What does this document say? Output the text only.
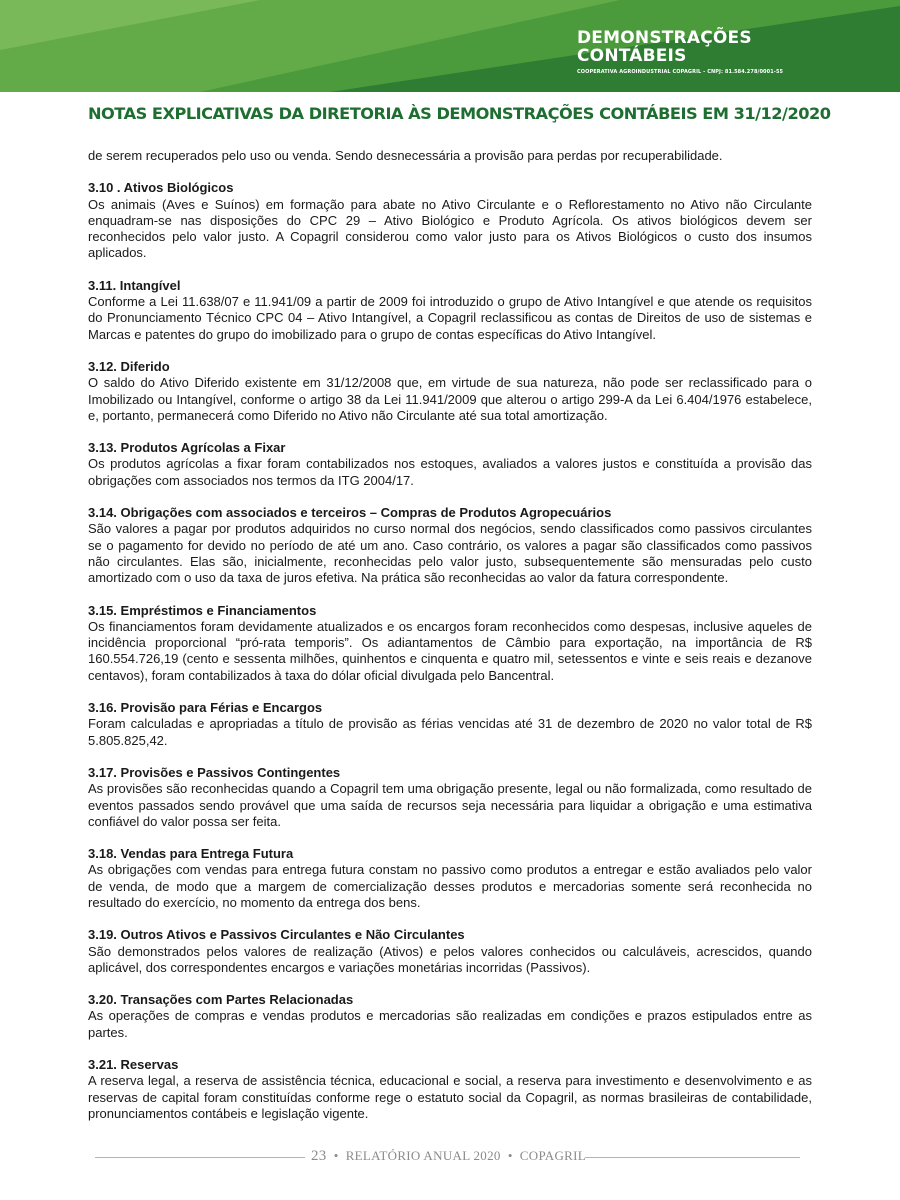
DEMONSTRAÇÕES
CONTÁBEIS
COOPERATIVA AGROINDUSTRIAL COPAGRIL - CNPJ: 81.584.278/0001-55
NOTAS EXPLICATIVAS DA DIRETORIA ÀS DEMONSTRAÇÕES CONTÁBEIS EM 31/12/2020

de serem recuperados pelo uso ou venda. Sendo desnecessária a provisão para perdas por recuperabilidade.

3.10 . Ativos Biológicos

Os animais (Aves e Suínos) em formação para abate no Ativo Circulante e o Reflorestamento no Ativo não Circulante enquadram-se nas disposições do CPC 29 – Ativo Biológico e Produto Agrícola. Os ativos biológicos devem ser reconhecidos pelo valor justo. A Copagril considerou como valor justo para os Ativos Biológicos o custo dos insumos aplicados.

3.11. Intangível

Conforme a Lei 11.638/07 e 11.941/09 a partir de 2009 foi introduzido o grupo de Ativo Intangível e que atende os requisitos do Pronunciamento Técnico CPC 04 – Ativo Intangível, a Copagril reclassificou as contas de Direitos de uso de sistemas e Marcas e patentes do grupo do imobilizado para o grupo de contas específicas do Ativo Intangível.

3.12. Diferido

O saldo do Ativo Diferido existente em 31/12/2008 que, em virtude de sua natureza, não pode ser reclassificado para o Imobilizado ou Intangível, conforme o artigo 38 da Lei 11.941/2009 que alterou o artigo 299-A da Lei 6.404/1976 estabelece, e, portanto, permanecerá como Diferido no Ativo não Circulante até sua total amortização.

3.13. Produtos Agrícolas a Fixar

Os produtos agrícolas a fixar foram contabilizados nos estoques, avaliados a valores justos e constituída a provisão das obrigações com associados nos termos da ITG 2004/17.

3.14. Obrigações com associados e terceiros – Compras de Produtos Agropecuários

São valores a pagar por produtos adquiridos no curso normal dos negócios, sendo classificados como passivos circulantes se o pagamento for devido no período de até um ano. Caso contrário, os valores a pagar são classificados como passivos não circulantes. Elas são, inicialmente, reconhecidas pelo valor justo, subsequentemente são mensuradas pelo custo amortizado com o uso da taxa de juros efetiva. Na prática são reconhecidas ao valor da fatura correspondente.

3.15. Empréstimos e Financiamentos

Os financiamentos foram devidamente atualizados e os encargos foram reconhecidos como despesas, inclusive aqueles de incidência proporcional “pró-rata temporis”. Os adiantamentos de Câmbio para exportação, na importância de R$ 160.554.726,19 (cento e sessenta milhões, quinhentos e cinquenta e quatro mil, setessentos e vinte e seis reais e dezanove centavos), foram contabilizados à taxa do dólar oficial divulgada pelo Bancentral.

3.16. Provisão para Férias e Encargos

Foram calculadas e apropriadas a título de provisão as férias vencidas até 31 de dezembro de 2020 no valor total de R$ 5.805.825,42.

3.17. Provisões e Passivos Contingentes

As provisões são reconhecidas quando a Copagril tem uma obrigação presente, legal ou não formalizada, como resultado de eventos passados sendo provável que uma saída de recursos seja necessária para liquidar a obrigação e uma estimativa confiável do valor possa ser feita.

3.18. Vendas para Entrega Futura

As obrigações com vendas para entrega futura constam no passivo como produtos a entregar e estão avaliados pelo valor de venda, de modo que a margem de comercialização desses produtos e mercadorias somente será reconhecida no resultado do exercício, no momento da entrega dos bens.

3.19. Outros Ativos e Passivos Circulantes e Não Circulantes

São demonstrados pelos valores de realização (Ativos) e pelos valores conhecidos ou calculáveis, acrescidos, quando aplicável, dos correspondentes encargos e variações monetárias incorridas (Passivos).

3.20. Transações com Partes Relacionadas

As operações de compras e vendas produtos e mercadorias são realizadas em condições e prazos estipulados entre as partes.

3.21. Reservas

A reserva legal, a reserva de assistência técnica, educacional e social, a reserva para investimento e desenvolvimento e as reservas de capital foram constituídas conforme rege o estatuto social da Copagril, as normas brasileiras de contabilidade, pronunciamentos contábeis e legislação vigente.

23  •  RELATÓRIO ANUAL 2020  •  COPAGRIL
